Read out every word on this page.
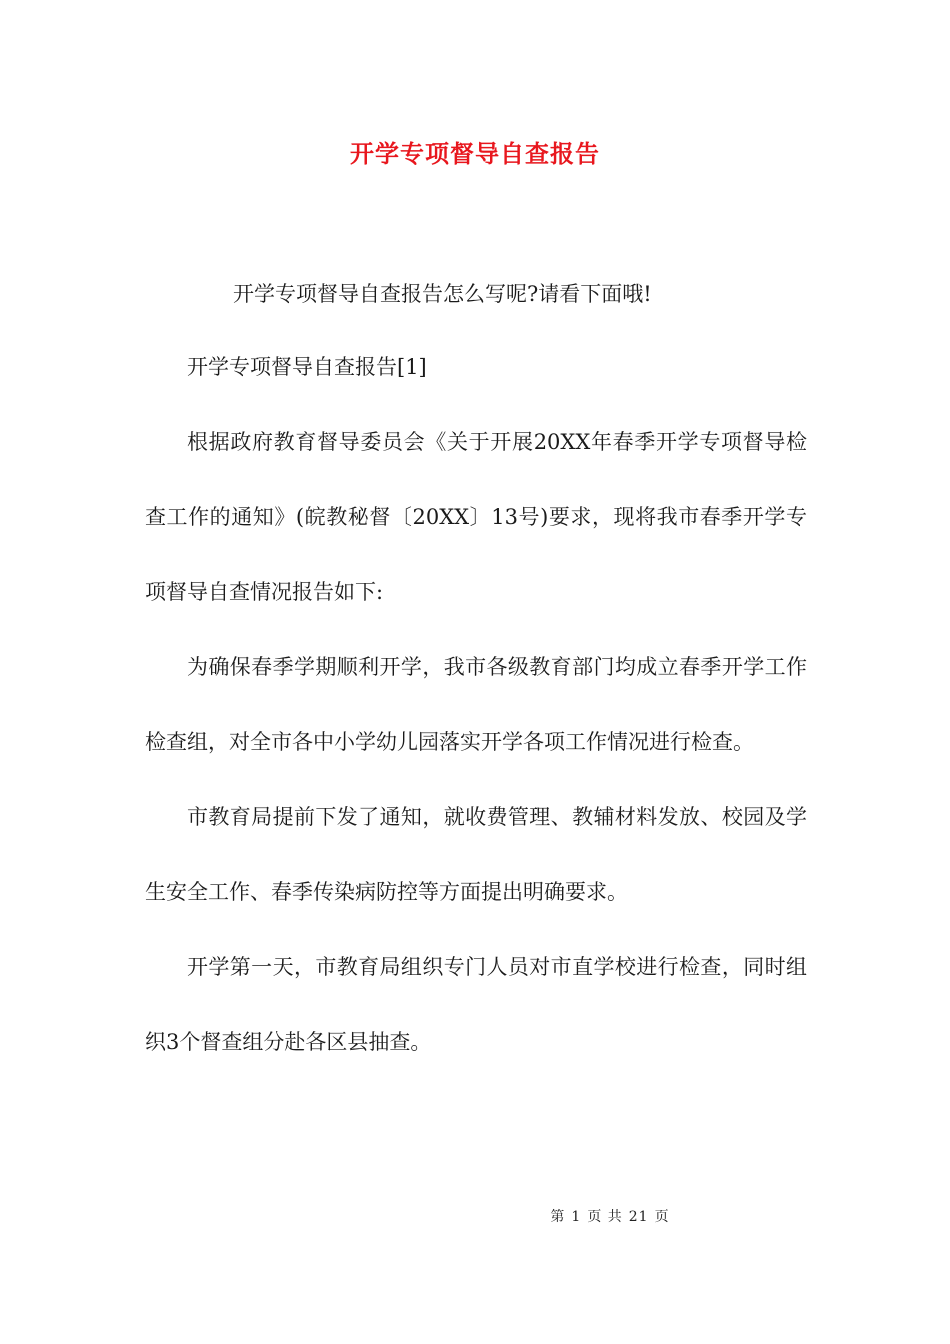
开学专项督导自查报告
开学专项督导自查报告怎么写呢?请看下面哦!

开学专项督导自查报告[1]

根据政府教育督导委员会《关于开展20XX年春季开学专项督导检查工作的通知》(皖教秘督〔20XX〕13号)要求，现将我市春季开学专项督导自查情况报告如下:

为确保春季学期顺利开学，我市各级教育部门均成立春季开学工作检查组，对全市各中小学幼儿园落实开学各项工作情况进行检查。

市教育局提前下发了通知，就收费管理、教辅材料发放、校园及学生安全工作、春季传染病防控等方面提出明确要求。

开学第一天，市教育局组织专门人员对市直学校进行检查，同时组织3个督查组分赴各区县抽查。

第 1 页 共 21 页
